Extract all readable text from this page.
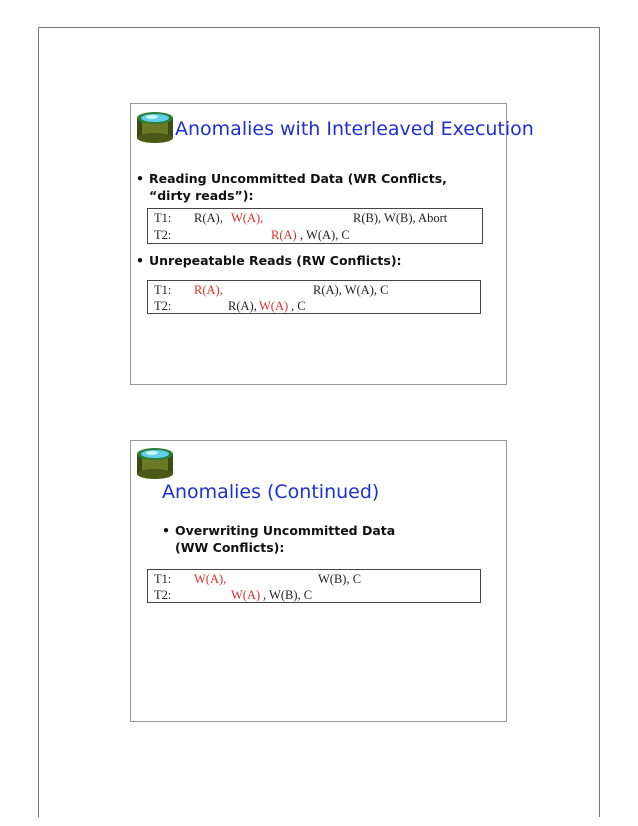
Anomalies with Interleaved Execution
• Reading Uncommitted Data (WR Conflicts, “dirty reads”):
T1: R(A), W(A),	R(B), W(B), Abort
T2:	R(A) , W(A), C
• Unrepeatable Reads (RW Conflicts):
T1: R(A),	R(A), W(A), C
T2:	R(A), W(A) , C
Anomalies (Continued)
• Overwriting Uncommitted Data (WW Conflicts):
T1: W(A),	W(B), C
T2:	W(A) , W(B), C
